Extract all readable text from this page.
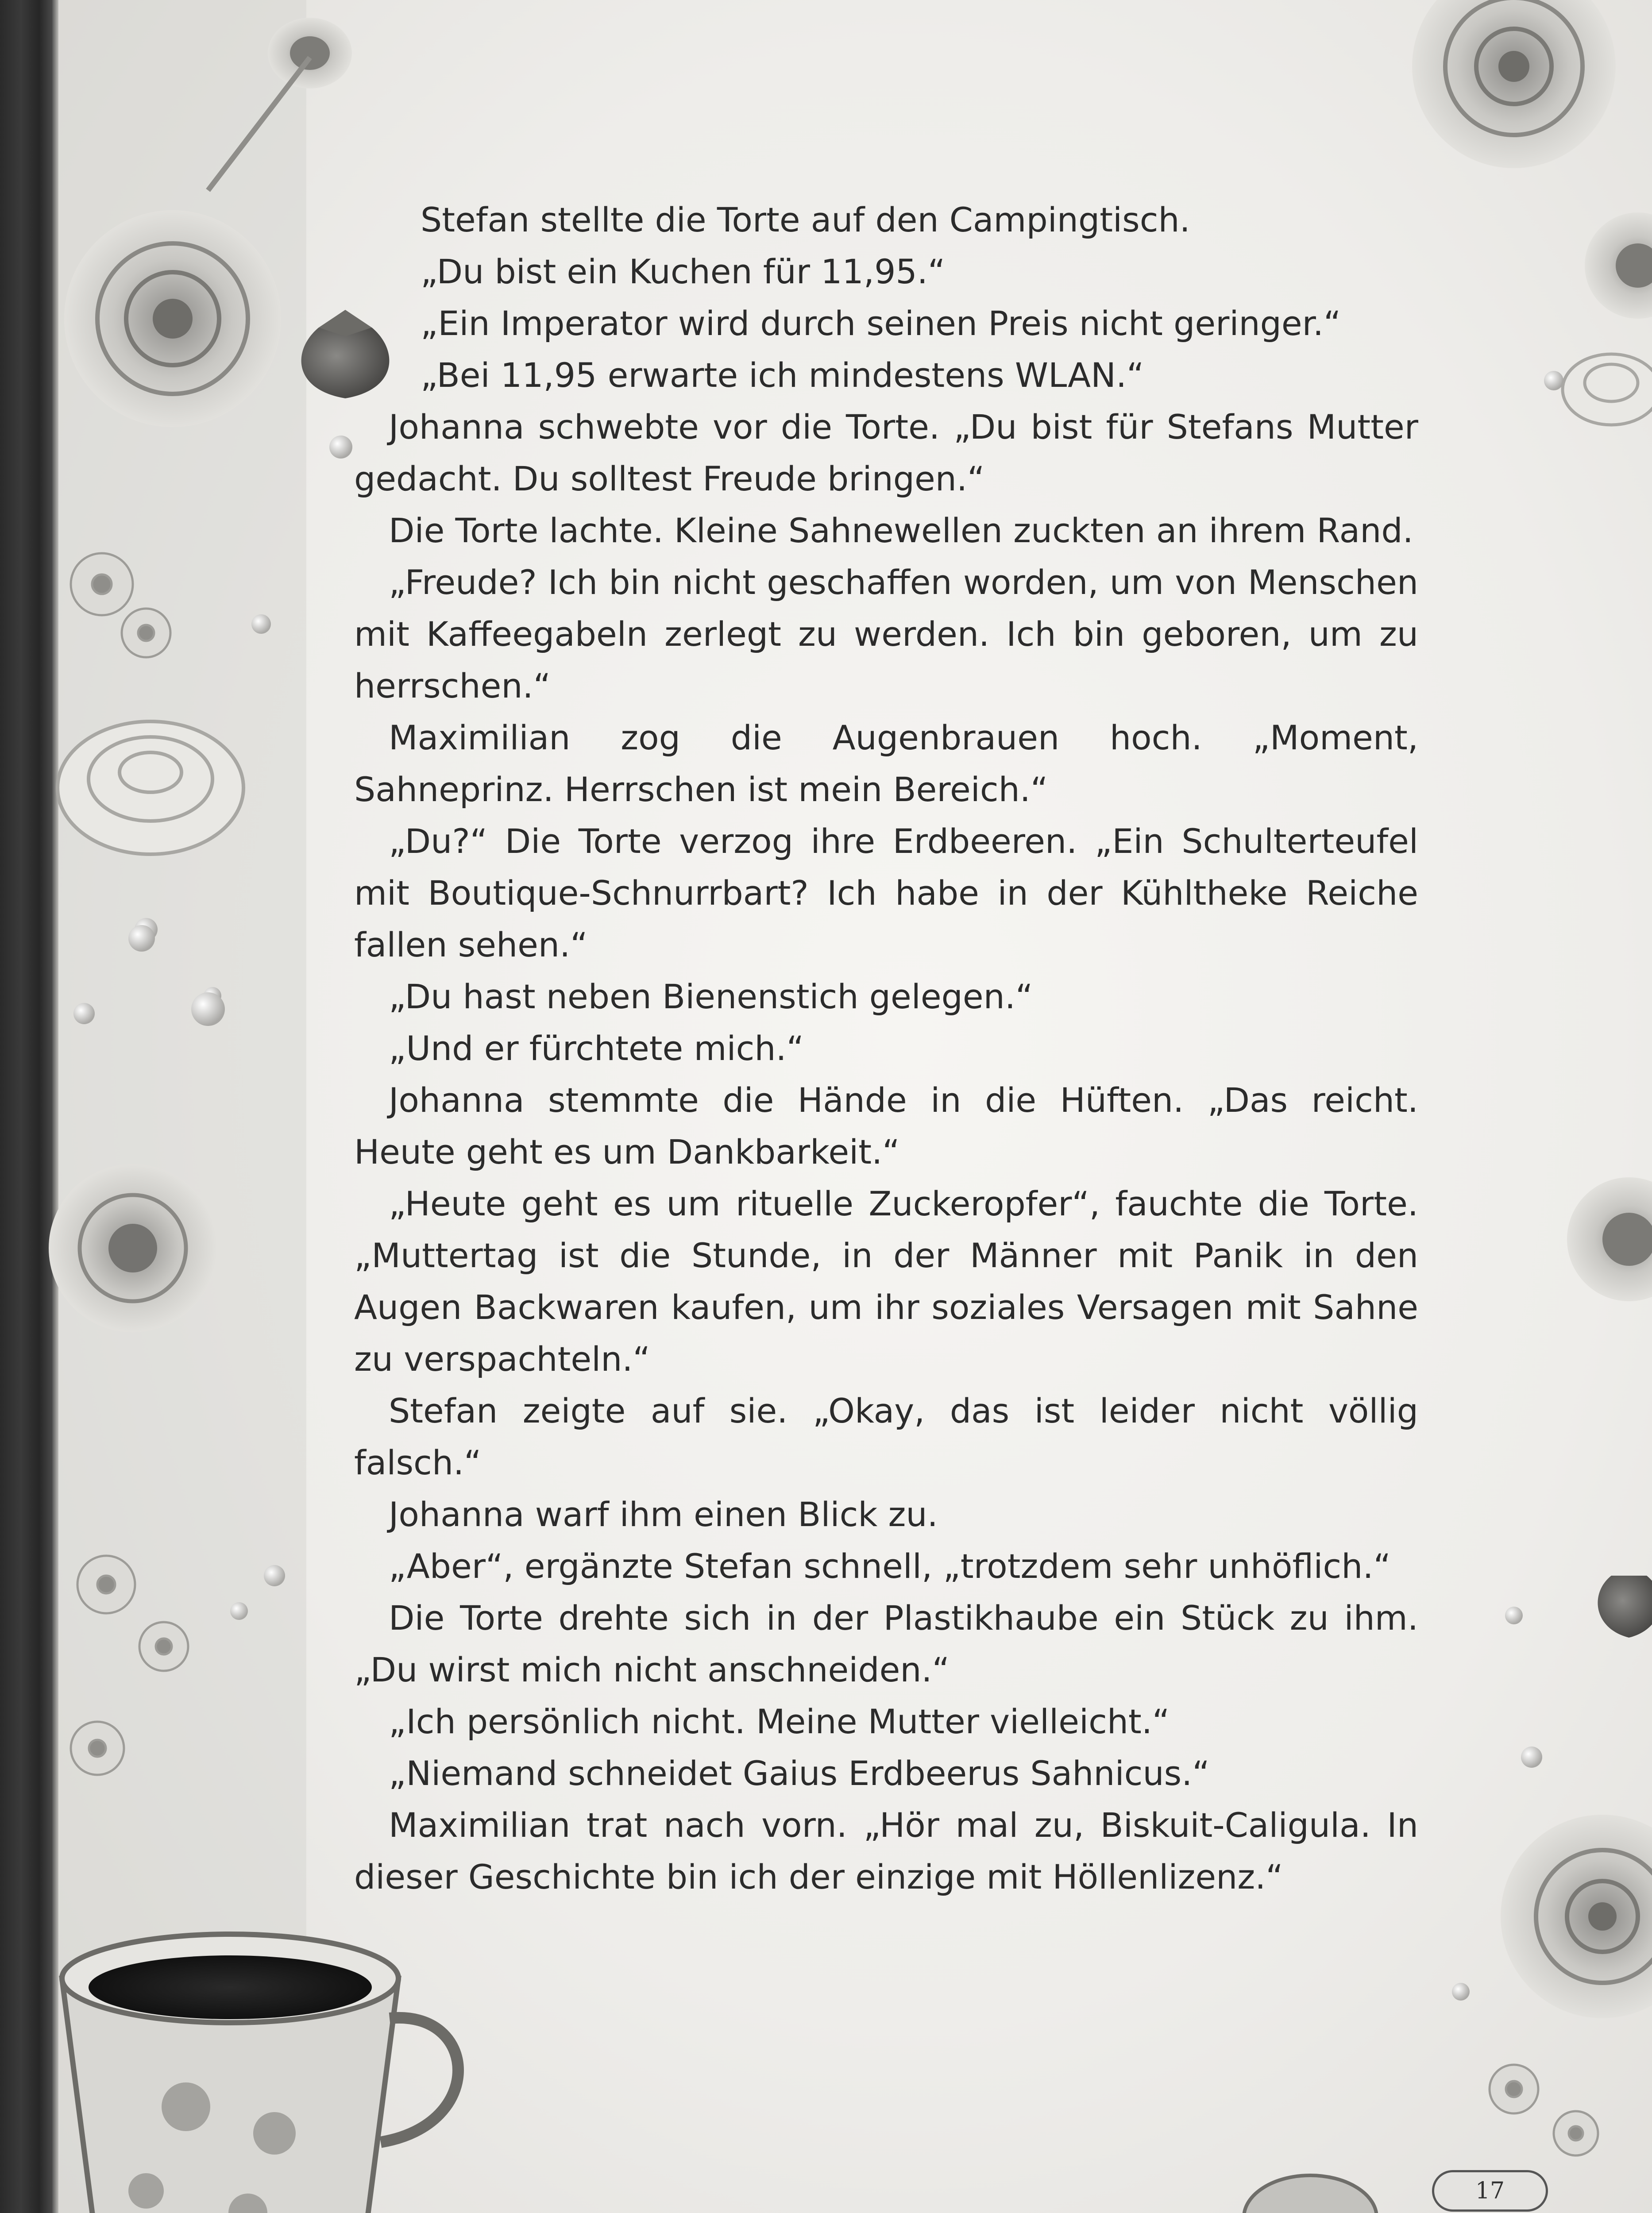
Stefan stellte die Torte auf den Campingtisch.

„Du bist ein Kuchen für 11,95.“

„Ein Imperator wird durch seinen Preis nicht geringer.“

„Bei 11,95 erwarte ich mindestens WLAN.“

Johanna schwebte vor die Torte. „Du bist für Stefans Mutter gedacht. Du solltest Freude bringen.“

Die Torte lachte. Kleine Sahnewellen zuckten an ihrem Rand.

„Freude? Ich bin nicht geschaffen worden, um von Menschen mit Kaffeegabeln zerlegt zu werden. Ich bin geboren, um zu herrschen.“

Maximilian zog die Augenbrauen hoch. „Moment, Sahneprinz. Herrschen ist mein Bereich.“

„Du?“ Die Torte verzog ihre Erdbeeren. „Ein Schulterteufel mit Boutique-Schnurrbart? Ich habe in der Kühltheke Reiche fallen sehen.“

„Du hast neben Bienenstich gelegen.“

„Und er fürchtete mich.“

Johanna stemmte die Hände in die Hüften. „Das reicht. Heute geht es um Dankbarkeit.“

„Heute geht es um rituelle Zuckeropfer“, fauchte die Torte. „Muttertag ist die Stunde, in der Männer mit Panik in den Augen Backwaren kaufen, um ihr soziales Versagen mit Sahne zu verspachteln.“

Stefan zeigte auf sie. „Okay, das ist leider nicht völlig falsch.“

Johanna warf ihm einen Blick zu.

„Aber“, ergänzte Stefan schnell, „trotzdem sehr unhöflich.“

Die Torte drehte sich in der Plastikhaube ein Stück zu ihm. „Du wirst mich nicht anschneiden.“

„Ich persönlich nicht. Meine Mutter vielleicht.“

„Niemand schneidet Gaius Erdbeerus Sahnicus.“

Maximilian trat nach vorn. „Hör mal zu, Biskuit-Caligula. In dieser Geschichte bin ich der einzige mit Höllenlizenz.“

17
